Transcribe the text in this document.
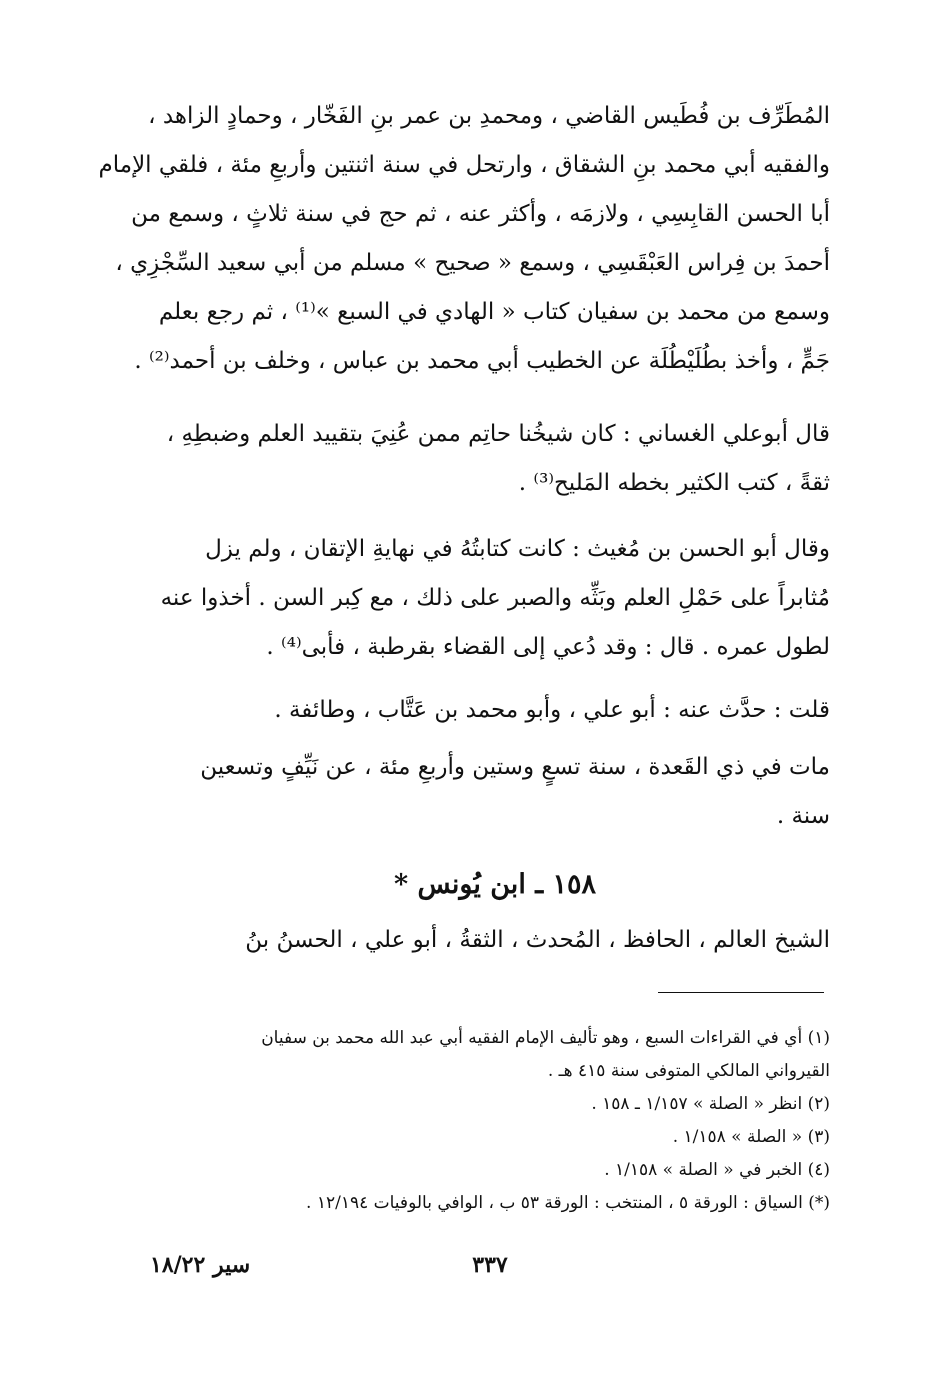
المُطَرِّف بن فُطَيس القاضي ، ومحمدِ بن عمر بنِ الفَخّار ، وحمادٍ الزاهد ،
والفقيه أبي محمد بنِ الشقاق ، وارتحل في سنة اثنتين وأربعِ مئة ، فلقي الإمام
أبا الحسن القابِسِي ، ولازمَه ، وأكثر عنه ، ثم حج في سنة ثلاثٍ ، وسمع من
أحمدَ بن فِراس العَبْقَسِي ، وسمع « صحيح » مسلم من أبي سعيد السِّجْزِي ،
وسمع من محمد بن سفيان كتاب « الهادي في السبع »⁽¹⁾ ، ثم رجع بعلم
جَمٍّ ، وأخذ بطُلَيْطُلَة عن الخطيب أبي محمد بن عباس ، وخلف بن أحمد⁽²⁾ .
قال أبوعلي الغساني : كان شيخُنا حاتِم ممن عُنِيَ بتقييد العلم وضبطِهِ ،
ثقةً ، كتب الكثير بخطه المَليح⁽³⁾ .
وقال أبو الحسن بن مُغيث : كانت كتابتُهُ في نهايةِ الإتقان ، ولم يزل
مُثابراً على حَمْلِ العلم وبَثِّه والصبر على ذلك ، مع كِبر السن . أخذوا عنه
لطول عمره . قال : وقد دُعي إلى القضاء بقرطبة ، فأبى⁽⁴⁾ .
قلت : حدَّث عنه : أبو علي ، وأبو محمد بن عَتَّاب ، وطائفة .
مات في ذي القَعدة ، سنة تسعٍ وستين وأربعِ مئة ، عن نَيِّفٍ وتسعين
سنة .
١٥٨ ـ ابن يُونس *
الشيخ العالم ، الحافظ ، المُحدث ، الثقةُ ، أبو علي ، الحسنُ بنُ
(١) أي في القراءات السبع ، وهو تأليف الإمام الفقيه أبي عبد الله محمد بن سفيان
القيرواني المالكي المتوفى سنة ٤١٥ هـ .
(٢) انظر « الصلة » ١/١٥٧ ـ ١٥٨ .
(٣) « الصلة » ١/١٥٨ .
(٤) الخبر في « الصلة » ١/١٥٨ .
(*) السياق : الورقة ٥ ، المنتخب : الورقة ٥٣ ب ، الوافي بالوفيات ١٢/١٩٤ .
سير ١٨/٢٢	٣٣٧
